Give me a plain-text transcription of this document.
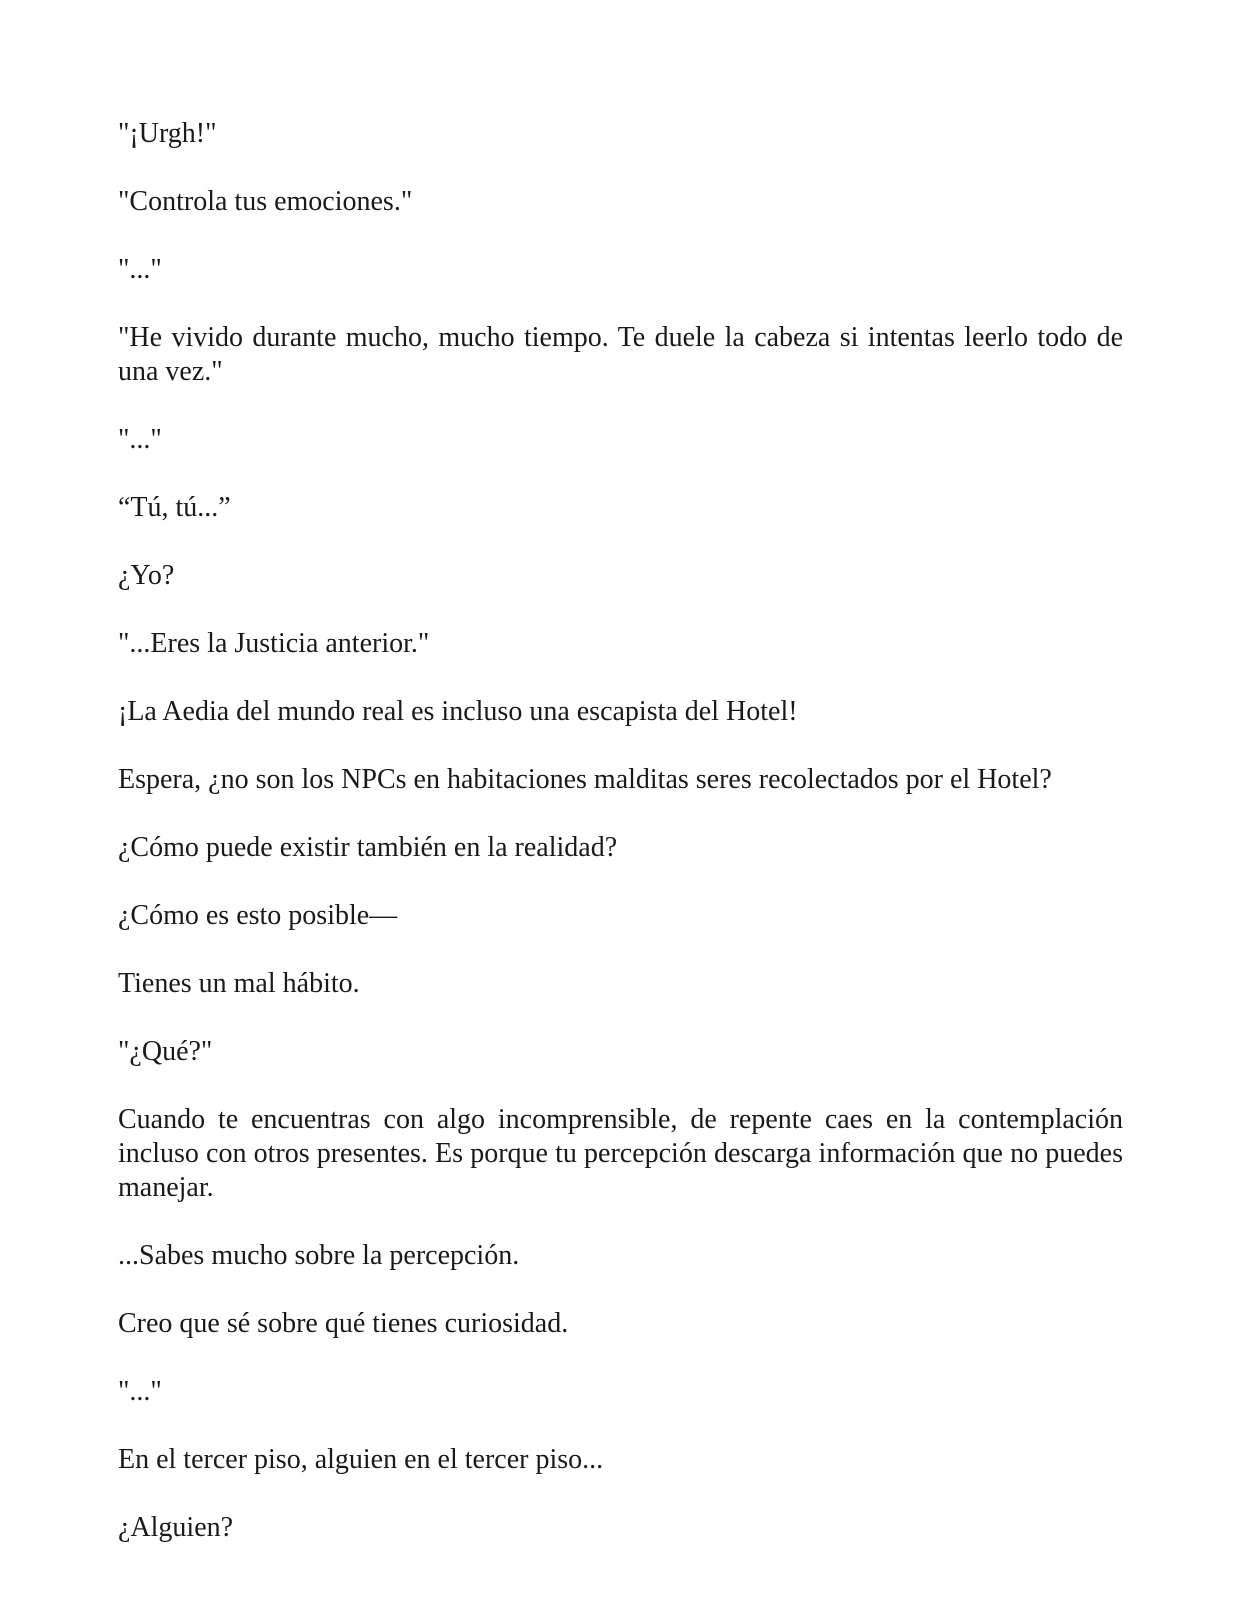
"¡Urgh!"

"Controla tus emociones."

"..."

"He vivido durante mucho, mucho tiempo. Te duele la cabeza si intentas leerlo todo de una vez."

"..."

“Tú, tú...”

¿Yo?

"...Eres la Justicia anterior."

¡La Aedia del mundo real es incluso una escapista del Hotel!

Espera, ¿no son los NPCs en habitaciones malditas seres recolectados por el Hotel?

¿Cómo puede existir también en la realidad?

¿Cómo es esto posible—

Tienes un mal hábito.

"¿Qué?"

Cuando te encuentras con algo incomprensible, de repente caes en la contemplación incluso con otros presentes. Es porque tu percepción descarga información que no puedes manejar.

...Sabes mucho sobre la percepción.

Creo que sé sobre qué tienes curiosidad.

"..."

En el tercer piso, alguien en el tercer piso...

¿Alguien?
